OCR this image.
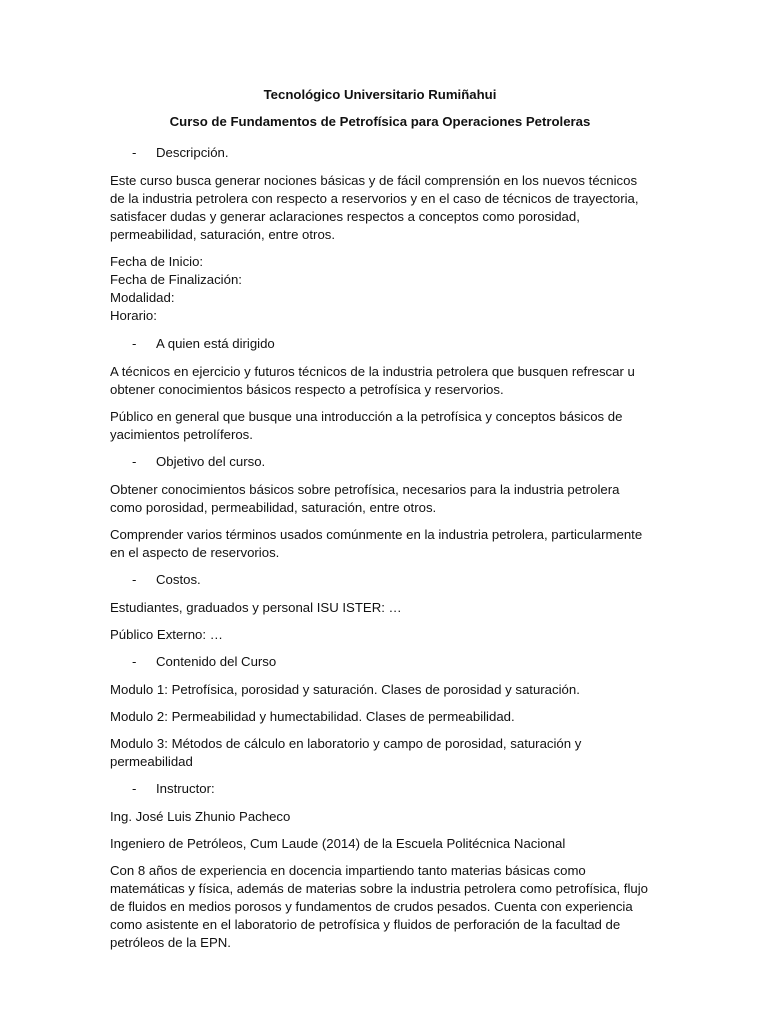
Tecnológico Universitario Rumiñahui
Curso de Fundamentos de Petrofísica para Operaciones Petroleras
-	Descripción.

Este curso busca generar nociones básicas y de fácil comprensión en los nuevos técnicos de la industria petrolera con respecto a reservorios y en el caso de técnicos de trayectoria, satisfacer dudas y generar aclaraciones respectos a conceptos como porosidad, permeabilidad, saturación, entre otros.

Fecha de Inicio:
Fecha de Finalización:
Modalidad:
Horario:
-	A quien está dirigido

A técnicos en ejercicio y futuros técnicos de la industria petrolera que busquen refrescar u obtener conocimientos básicos respecto a petrofísica y reservorios.

Público en general que busque una introducción a la petrofísica y conceptos básicos de yacimientos petrolíferos.

-	Objetivo del curso.

Obtener conocimientos básicos sobre petrofísica, necesarios para la industria petrolera como porosidad, permeabilidad, saturación, entre otros.

Comprender varios términos usados comúnmente en la industria petrolera, particularmente en el aspecto de reservorios.

-	Costos.

Estudiantes, graduados y personal ISU ISTER: …

Público Externo: …

-	Contenido del Curso

Modulo 1: Petrofísica, porosidad y saturación. Clases de porosidad y saturación.

Modulo 2: Permeabilidad y humectabilidad. Clases de permeabilidad.

Modulo 3: Métodos de cálculo en laboratorio y campo de porosidad, saturación y permeabilidad

-	Instructor:

Ing. José Luis Zhunio Pacheco

Ingeniero de Petróleos, Cum Laude (2014) de la Escuela Politécnica Nacional

Con 8 años de experiencia en docencia impartiendo tanto materias básicas como matemáticas y física, además de materias sobre la industria petrolera como petrofísica, flujo de fluidos en medios porosos y fundamentos de crudos pesados. Cuenta con experiencia como asistente en el laboratorio de petrofísica y fluidos de perforación de la facultad de petróleos de la EPN.
